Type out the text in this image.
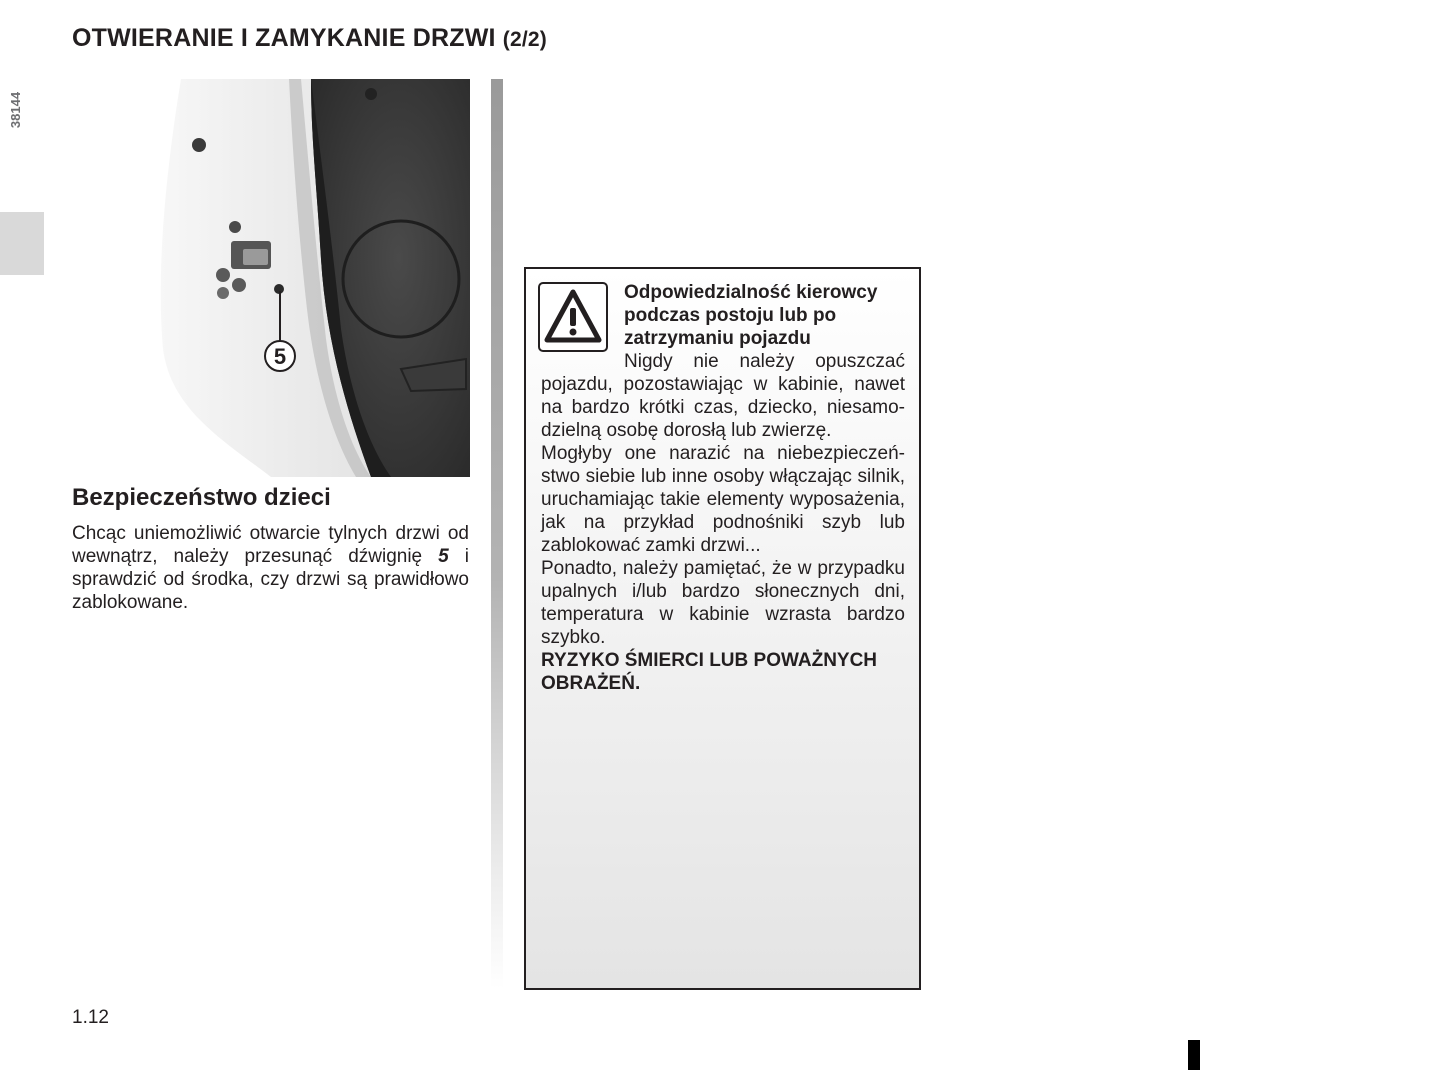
OTWIERANIE I ZAMYKANIE DRZWI (2/2)
38144
5
Bezpieczeństwo dzieci

Chcąc uniemożliwić otwarcie tylnych drzwi od wewnątrz, należy przesunąć dźwignię 5 i sprawdzić od środka, czy drzwi są prawidłowo zablokowane.

Odpowiedzialność kierowcy podczas postoju lub po zatrzymaniu pojazdu

Nigdy nie należy opuszczać pojazdu, pozostawiając w kabinie, nawet na bardzo krótki czas, dziecko, niesamodzielną osobę dorosłą lub zwierzę.

Mogłyby one narazić na niebezpieczeństwo siebie lub inne osoby włączając silnik, uruchamiając takie elementy wyposażenia, jak na przykład podnośniki szyb lub zablokować zamki drzwi...

Ponadto, należy pamiętać, że w przypadku upalnych i/lub bardzo słonecznych dni, temperatura w kabinie wzrasta bardzo szybko.

RYZYKO ŚMIERCI LUB POWAŻNYCH OBRAŻEŃ.

1.12
